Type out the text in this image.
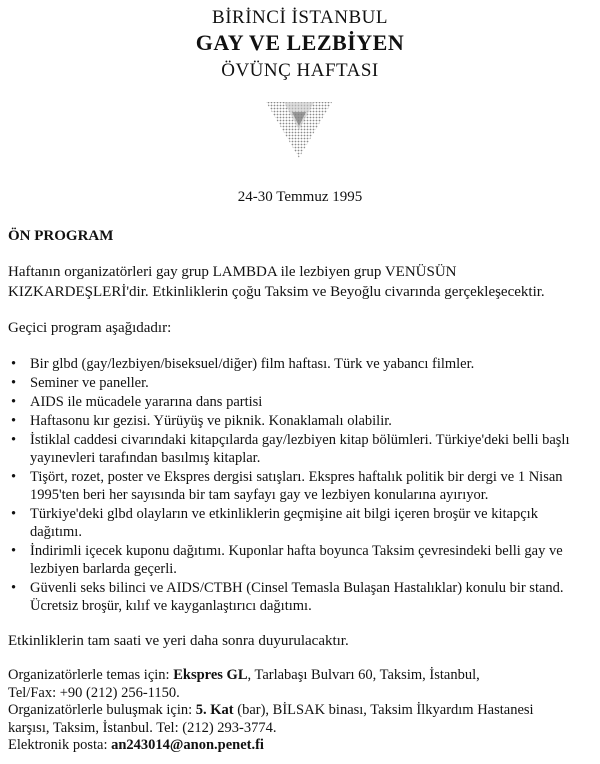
BİRİNCİ İSTANBUL
GAY VE LEZBİYEN
ÖVÜNÇ HAFTASI
24-30 Temmuz 1995
ÖN PROGRAM
Haftanın organizatörleri gay grup LAMBDA ile lezbiyen grup VENÜSÜN KIZKARDEŞLERİ'dir. Etkinliklerin çoğu Taksim ve Beyoğlu civarında gerçekleşecektir.
Geçici program aşağıdadır:
• Bir glbd (gay/lezbiyen/biseksuel/diğer) film haftası. Türk ve yabancı filmler.
• Seminer ve paneller.
• AIDS ile mücadele yararına dans partisi
• Haftasonu kır gezisi. Yürüyüş ve piknik. Konaklamalı olabilir.
• İstiklal caddesi civarındaki kitapçılarda gay/lezbiyen kitap bölümleri. Türkiye'deki belli başlı yayınevleri tarafından basılmış kitaplar.
• Tişört, rozet, poster ve Ekspres dergisi satışları. Ekspres haftalık politik bir dergi ve 1 Nisan 1995'ten beri her sayısında bir tam sayfayı gay ve lezbiyen konularına ayırıyor.
• Türkiye'deki glbd olayların ve etkinliklerin geçmişine ait bilgi içeren broşür ve kitapçık dağıtımı.
• İndirimli içecek kuponu dağıtımı. Kuponlar hafta boyunca Taksim çevresindeki belli gay ve lezbiyen barlarda geçerli.
• Güvenli seks bilinci ve AIDS/CTBH (Cinsel Temasla Bulaşan Hastalıklar) konulu bir stand. Ücretsiz broşür, kılıf ve kayganlaştırıcı dağıtımı.
Etkinliklerin tam saati ve yeri daha sonra duyurulacaktır.
Organizatörlerle temas için: Ekspres GL, Tarlabaşı Bulvarı 60, Taksim, İstanbul,
Tel/Fax: +90 (212) 256-1150.
Organizatörlerle buluşmak için: 5. Kat (bar), BİLSAK binası, Taksim İlkyardım Hastanesi
karşısı, Taksim, İstanbul. Tel: (212) 293-3774.
Elektronik posta: an243014@anon.penet.fi
